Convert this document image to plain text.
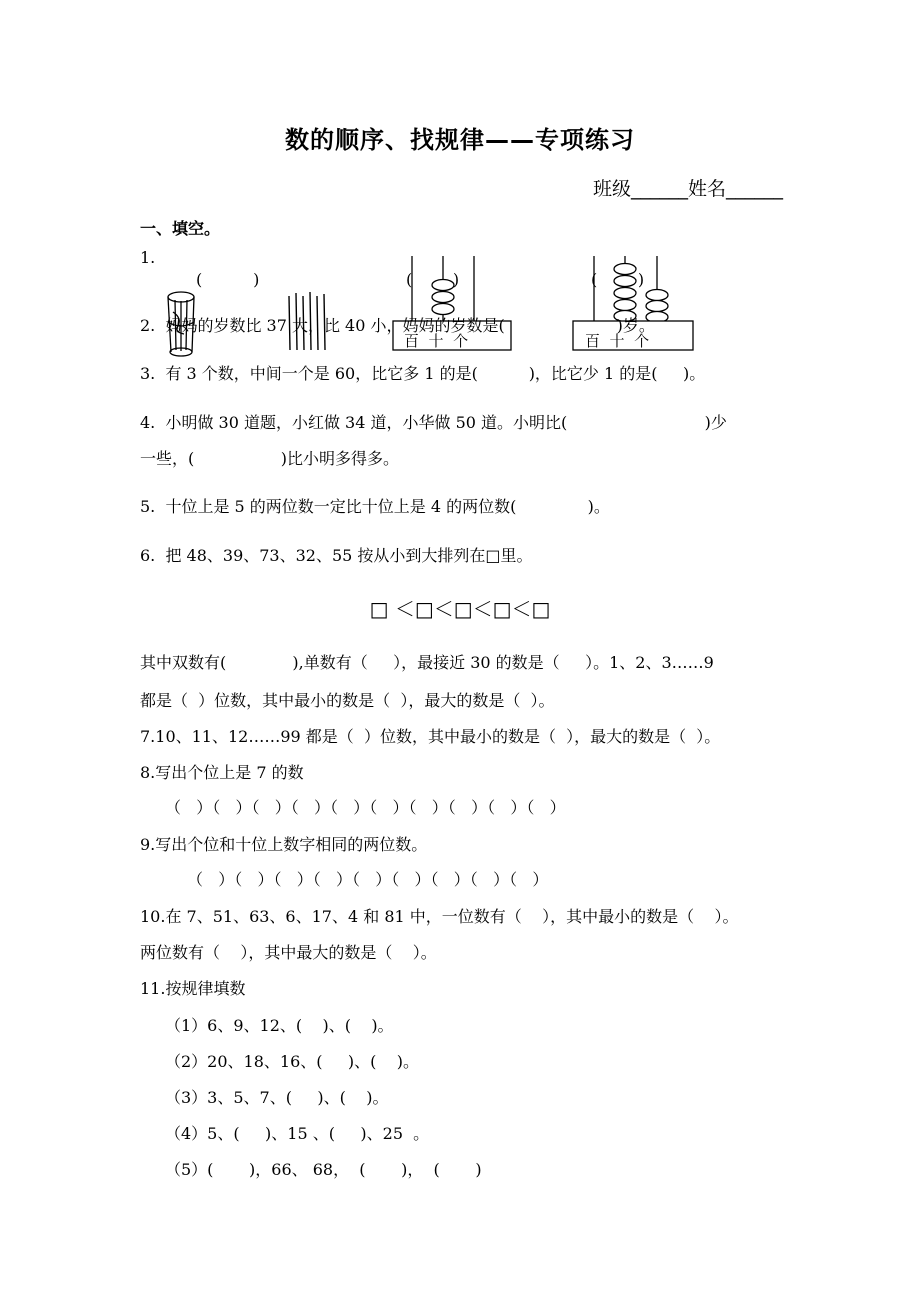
数的顺序、找规律——专项练习
班级______姓名______
一、填空。
1.
(          )	(        )	(        )
百  十  个	百  十  个
2.  妈妈的岁数比 37 大，比 40 小，妈妈的岁数是(                      )岁。
3.  有 3 个数，中间一个是 60，比它多 1 的是(          )，比它少 1 的是(     )。
4.  小明做 30 道题，小红做 34 道，小华做 50 道。小明比(                           )少
一些，(                 )比小明多得多。
5.  十位上是 5 的两位数一定比十位上是 4 的两位数(              )。
6.  把 48、39、73、32、55 按从小到大排列在□里。
□ ＜□＜□＜□＜□
其中双数有(             ),单数有（     ），最接近 30 的数是（     ）。1、2、3……9
都是（  ）位数，其中最小的数是（  ），最大的数是（  ）。
7.10、11、12……99 都是（  ）位数，其中最小的数是（  ），最大的数是（  ）。
8.写出个位上是 7 的数
（   ）（   ）（   ）（   ）（   ）（   ）（   ）（   ）（   ）（   ）
9.写出个位和十位上数字相同的两位数。
（   ）（   ）（   ）（   ）（   ）（   ）（   ）（   ）（   ）
10.在 7、51、63、6、17、4 和 81 中，一位数有（    ），其中最小的数是（    ）。
两位数有（    ），其中最大的数是（    ）。
11.按规律填数
（1）6、9、12、(    )、(    )。
（2）20、18、16、(     )、(    )。
（3）3、5、7、(     )、(    )。
（4）5、(     )、15 、(     )、25  。
（5）(       )，66、 68，  (       )，  (       )
